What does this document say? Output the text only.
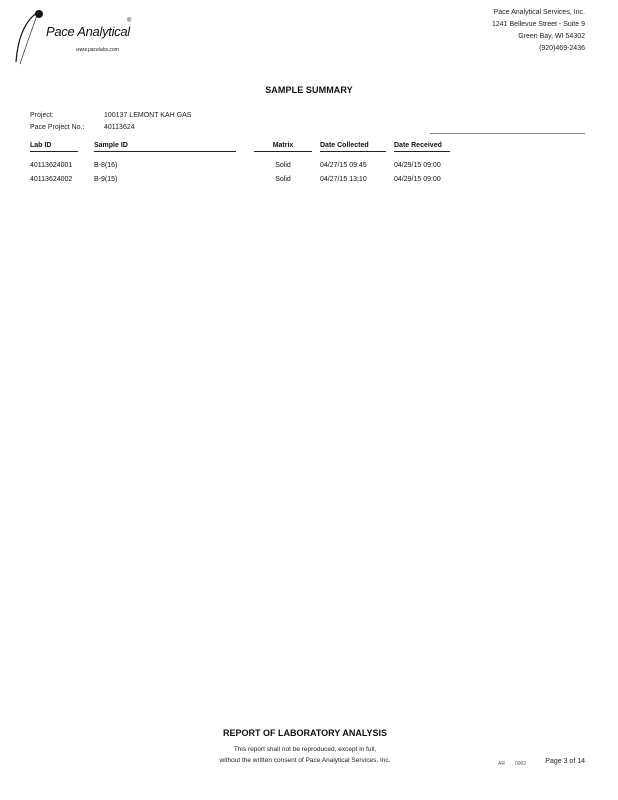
Pace Analytical
®
www.pacelabs.com
Pace Analytical Services, Inc.
1241 Bellevue Street - Suite 9
Green Bay, WI 54302
(920)469-2436
SAMPLE SUMMARY
Project:	100137 LEMONT KAH GAS
Pace Project No.:	40113624
Lab ID	Sample ID	Matrix	Date Collected	Date Received
40113624001	B-8(16)	Solid	04/27/15 09:45	04/29/15 09:00
40113624002	B-9(15)	Solid	04/27/15 13:10	04/29/15 09:00
REPORT OF LABORATORY ANALYSIS
This report shall not be reproduced, except in full,
without the written consent of Pace Analytical Services, Inc.	AR 0002	Page 3 of 14
